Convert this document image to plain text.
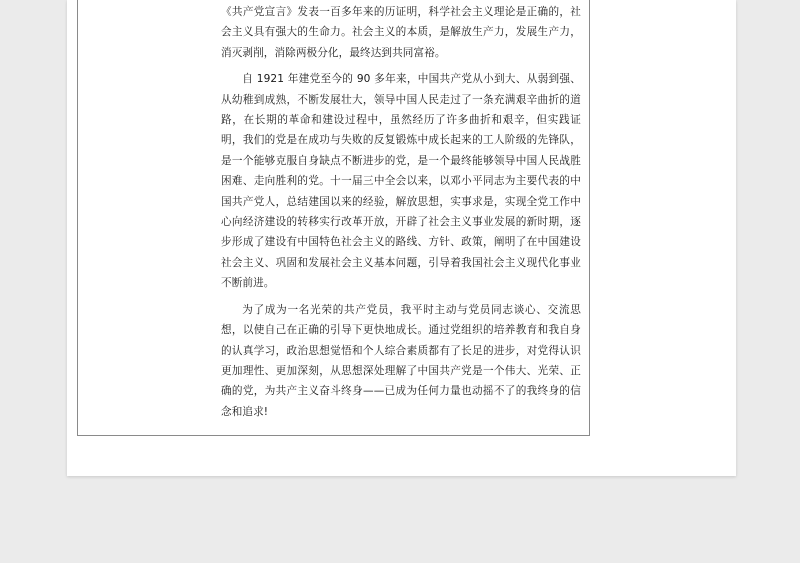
《共产党宣言》发表一百多年来的历证明，科学社会主义理论是正确的，社会主义具有强大的生命力。社会主义的本质，是解放生产力，发展生产力，消灭剥削，消除两极分化，最终达到共同富裕。

自 1921 年建党至今的 90 多年来，中国共产党从小到大、从弱到强、从幼稚到成熟，不断发展壮大，领导中国人民走过了一条充满艰辛曲折的道路，在长期的革命和建设过程中，虽然经历了许多曲折和艰辛，但实践证明，我们的党是在成功与失败的反复锻炼中成长起来的工人阶级的先锋队，是一个能够克服自身缺点不断进步的党，是一个最终能够领导中国人民战胜困难、走向胜利的党。十一届三中全会以来，以邓小平同志为主要代表的中国共产党人，总结建国以来的经验，解放思想，实事求是，实现全党工作中心向经济建设的转移实行改革开放，开辟了社会主义事业发展的新时期，逐步形成了建设有中国特色社会主义的路线、方针、政策，阐明了在中国建设社会主义、巩固和发展社会主义基本问题，引导着我国社会主义现代化事业不断前进。

为了成为一名光荣的共产党员，我平时主动与党员同志谈心、交流思想，以使自己在正确的引导下更快地成长。通过党组织的培养教育和我自身的认真学习，政治思想觉悟和个人综合素质都有了长足的进步，对党得认识更加理性、更加深刻，从思想深处理解了中国共产党是一个伟大、光荣、正确的党，为共产主义奋斗终身——已成为任何力量也动摇不了的我终身的信念和追求!
